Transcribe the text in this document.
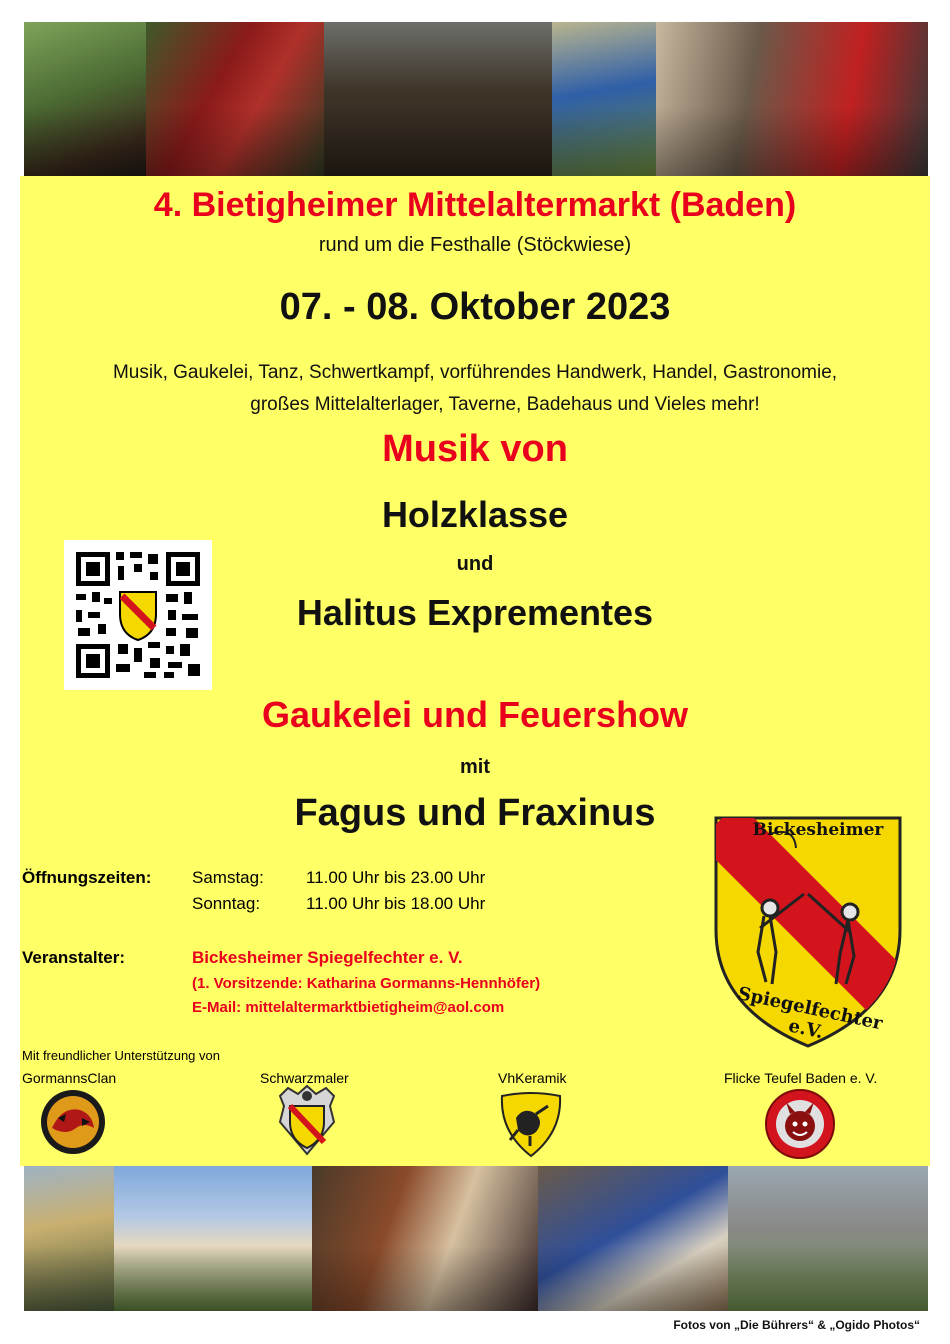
4. Bietigheimer Mittelaltermarkt (Baden)
rund um die Festhalle (Stöckwiese)
07. - 08. Oktober 2023
Musik, Gaukelei, Tanz, Schwertkampf, vorführendes Handwerk, Handel, Gastronomie,
großes Mittelalterlager, Taverne, Badehaus und Vieles mehr!
Musik von
Holzklasse
und
Halitus Exprementes
Gaukelei und Feuershow
mit
Fagus und Fraxinus
Öffnungszeiten: Samstag: 11.00 Uhr bis 23.00 Uhr
Sonntag:	11.00 Uhr bis 18.00 Uhr
Veranstalter:	Bickesheimer Spiegelfechter e. V.
(1. Vorsitzende: Katharina Gormanns-Hennhöfer)
E-Mail: mittelaltermarktbietigheim@aol.com
Bickesheimer
Spiegelfechter e.V.
Mit freundlicher Unterstützung von
GormannsClan	Schwarzmaler	VhKeramik	Flicke Teufel Baden e. V.
Fotos von „Die Bührers“ & „Ogido Photos“
